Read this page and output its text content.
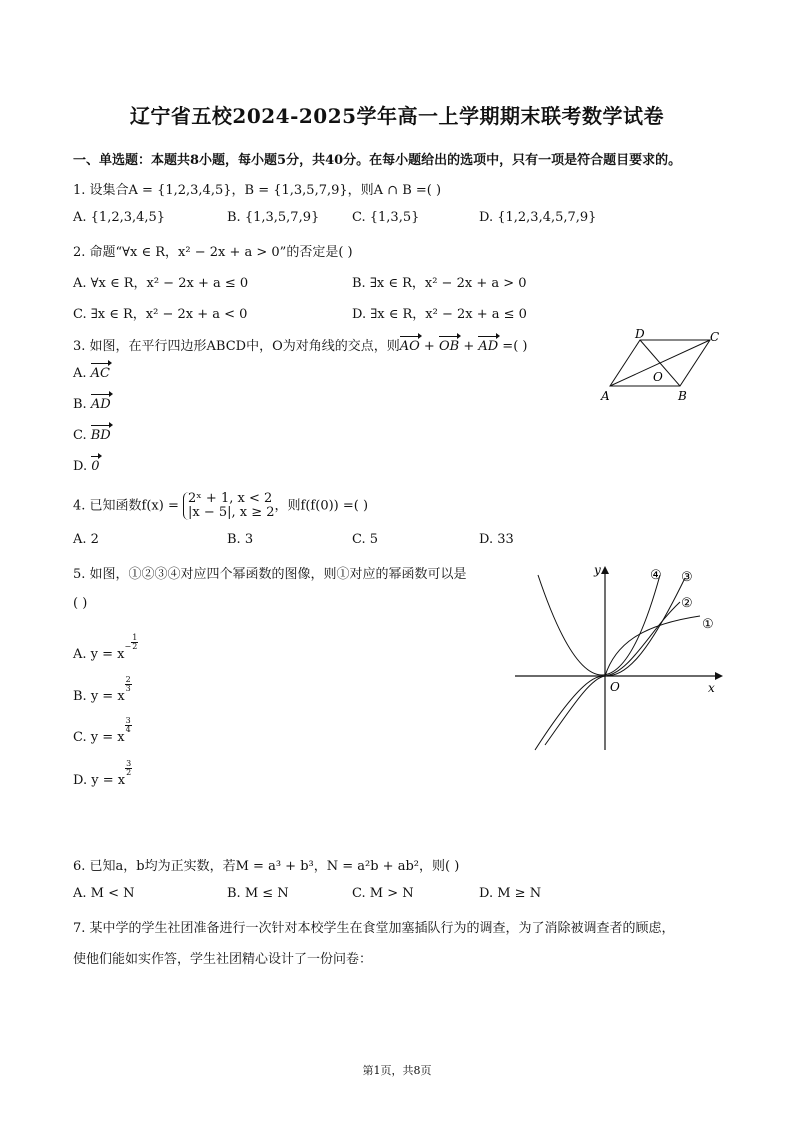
辽宁省五校2024-2025学年高一上学期期末联考数学试卷
一、单选题：本题共8小题，每小题5分，共40分。在每小题给出的选项中，只有一项是符合题目要求的。
1. 设集合A = {1,2,3,4,5}，B = {1,3,5,7,9}，则A ∩ B =( )
A. {1,2,3,4,5}	B. {1,3,5,7,9}	C. {1,3,5}	D. {1,2,3,4,5,7,9}
2. 命题“∀x ∈ R，x² − 2x + a > 0”的否定是( )
A. ∀x ∈ R，x² − 2x + a ≤ 0	B. ∃x ∈ R，x² − 2x + a > 0
C. ∃x ∈ R，x² − 2x + a < 0	D. ∃x ∈ R，x² − 2x + a ≤ 0
3. 如图，在平行四边形ABCD中，O为对角线的交点，则AO + OB + AD =( )
A. AC
B. AD
C. BD
D. 0
A	B
C
D
O
4. 已知函数f(x) = 2ˣ + 1, x < 2
|x − 5|, x ≥ 2 ，则f(f(0)) =( )
A. 2	B. 3	C. 5	D. 33
5. 如图，①②③④对应四个幂函数的图像，则①对应的幂函数可以是
( )
A. $y = x^{- \frac{1}{2}}$
B. y = x
$^{\frac{2}{3}}$
C. y = x
$^{\frac{3}{4}}$
D. y = x
$^{\frac{3}{2}}$
x
y
O
④ ③
②
①
6. 已知a，b均为正实数，若M = a³ + b³，N = a²b + ab²，则( )
A. M < N	B. M ≤ N	C. M > N	D. M ≥ N
7. 某中学的学生社团准备进行一次针对本校学生在食堂加塞插队行为的调查，为了消除被调查者的顾虑，
使他们能如实作答，学生社团精心设计了一份问卷：
第1页，共8页
